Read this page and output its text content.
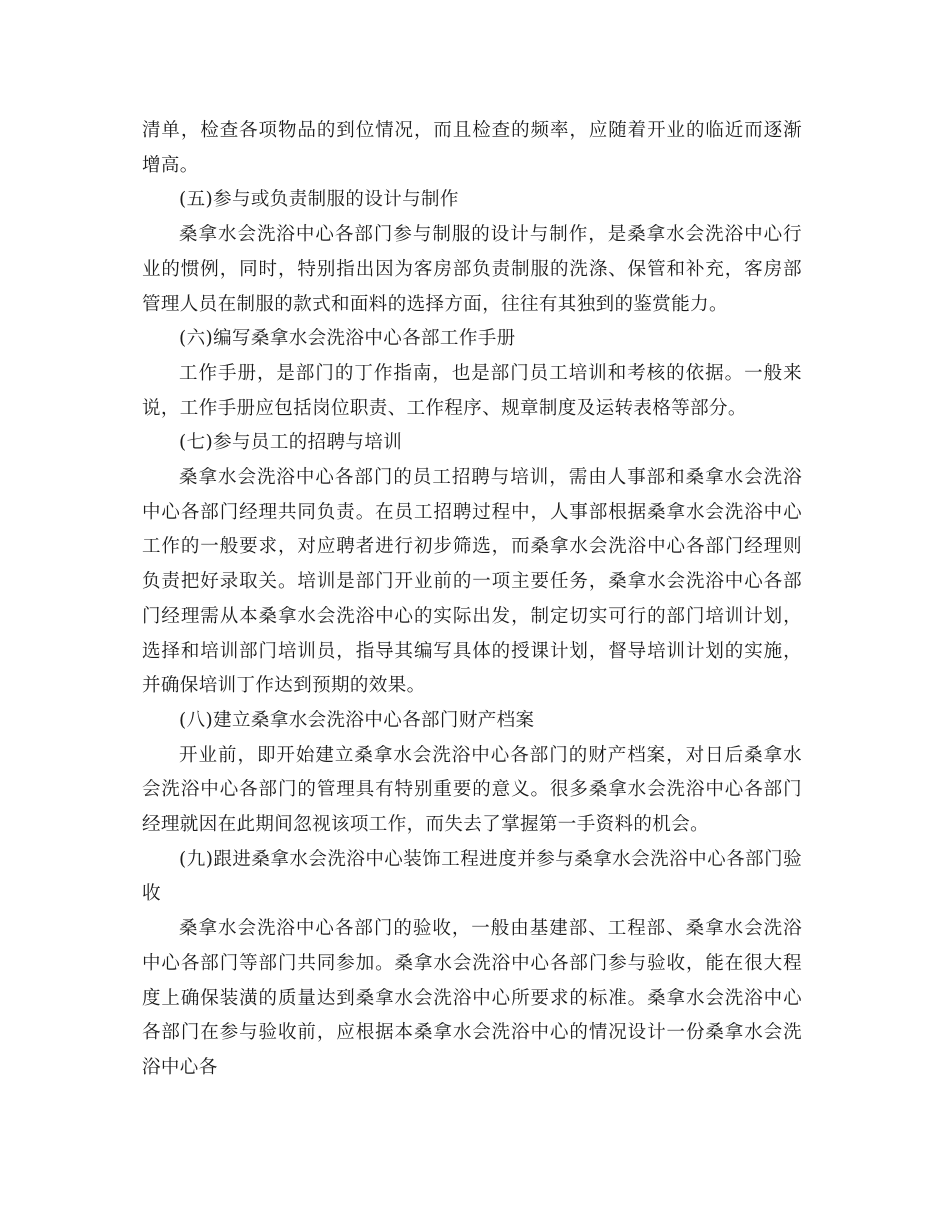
清单，检查各项物品的到位情况，而且检查的频率，应随着开业的临近而逐渐增高。

(五)参与或负责制服的设计与制作

桑拿水会洗浴中心各部门参与制服的设计与制作，是桑拿水会洗浴中心行业的惯例，同时，特别指出因为客房部负责制服的洗涤、保管和补充，客房部管理人员在制服的款式和面料的选择方面，往往有其独到的鉴赏能力。

(六)编写桑拿水会洗浴中心各部工作手册

工作手册，是部门的丁作指南，也是部门员工培训和考核的依据。一般来说，工作手册应包括岗位职责、工作程序、规章制度及运转表格等部分。

(七)参与员工的招聘与培训

桑拿水会洗浴中心各部门的员工招聘与培训，需由人事部和桑拿水会洗浴中心各部门经理共同负责。在员工招聘过程中，人事部根据桑拿水会洗浴中心工作的一般要求，对应聘者进行初步筛选，而桑拿水会洗浴中心各部门经理则负责把好录取关。培训是部门开业前的一项主要任务，桑拿水会洗浴中心各部门经理需从本桑拿水会洗浴中心的实际出发，制定切实可行的部门培训计划，选择和培训部门培训员，指导其编写具体的授课计划，督导培训计划的实施，并确保培训丁作达到预期的效果。

(八)建立桑拿水会洗浴中心各部门财产档案

开业前，即开始建立桑拿水会洗浴中心各部门的财产档案，对日后桑拿水会洗浴中心各部门的管理具有特别重要的意义。很多桑拿水会洗浴中心各部门经理就因在此期间忽视该项工作，而失去了掌握第一手资料的机会。

(九)跟进桑拿水会洗浴中心装饰工程进度并参与桑拿水会洗浴中心各部门验收

桑拿水会洗浴中心各部门的验收，一般由基建部、工程部、桑拿水会洗浴中心各部门等部门共同参加。桑拿水会洗浴中心各部门参与验收，能在很大程度上确保装潢的质量达到桑拿水会洗浴中心所要求的标准。桑拿水会洗浴中心各部门在参与验收前，应根据本桑拿水会洗浴中心的情况设计一份桑拿水会洗浴中心各
